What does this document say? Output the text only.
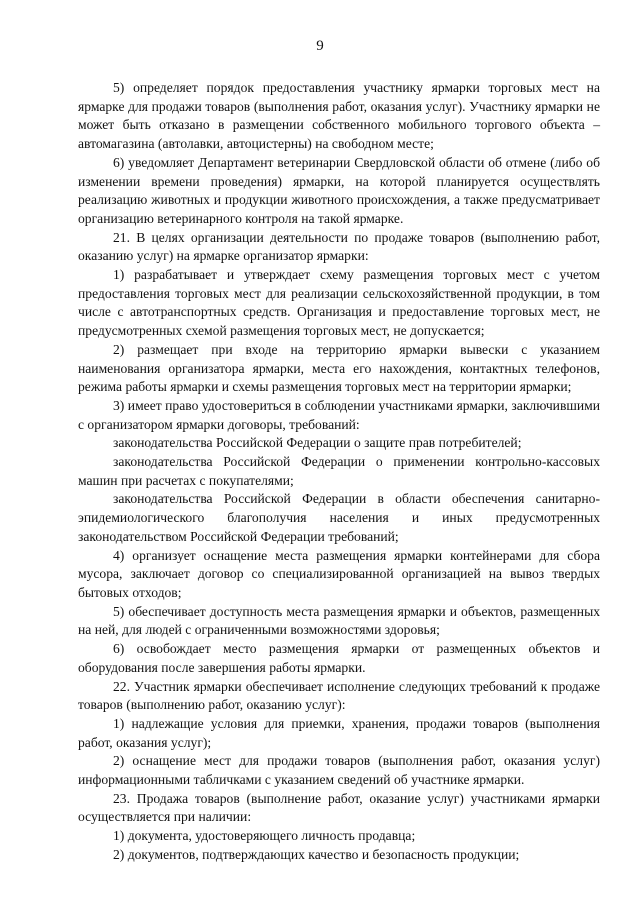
9

5) определяет порядок предоставления участнику ярмарки торговых мест на ярмарке для продажи товаров (выполнения работ, оказания услуг). Участнику ярмарки не может быть отказано в размещении собственного мобильного торгового объекта – автомагазина (автолавки, автоцистерны) на свободном месте;

6) уведомляет Департамент ветеринарии Свердловской области об отмене (либо об изменении времени проведения) ярмарки, на которой планируется осуществлять реализацию животных и продукции животного происхождения, а также предусматривает организацию ветеринарного контроля на такой ярмарке.

21. В целях организации деятельности по продаже товаров (выполнению работ, оказанию услуг) на ярмарке организатор ярмарки:

1) разрабатывает и утверждает схему размещения торговых мест с учетом предоставления торговых мест для реализации сельскохозяйственной продукции, в том числе с автотранспортных средств. Организация и предоставление торговых мест, не предусмотренных схемой размещения торговых мест, не допускается;

2) размещает при входе на территорию ярмарки вывески с указанием наименования организатора ярмарки, места его нахождения, контактных телефонов, режима работы ярмарки и схемы размещения торговых мест на территории ярмарки;

3) имеет право удостовериться в соблюдении участниками ярмарки, заключившими с организатором ярмарки договоры, требований:

законодательства Российской Федерации о защите прав потребителей;

законодательства Российской Федерации о применении контрольно-кассовых машин при расчетах с покупателями;

законодательства Российской Федерации в области обеспечения санитарно-эпидемиологического благополучия населения и иных предусмотренных законодательством Российской Федерации требований;

4) организует оснащение места размещения ярмарки контейнерами для сбора мусора, заключает договор со специализированной организацией на вывоз твердых бытовых отходов;

5) обеспечивает доступность места размещения ярмарки и объектов, размещенных на ней, для людей с ограниченными возможностями здоровья;

6) освобождает место размещения ярмарки от размещенных объектов и оборудования после завершения работы ярмарки.

22. Участник ярмарки обеспечивает исполнение следующих требований к продаже товаров (выполнению работ, оказанию услуг):

1) надлежащие условия для приемки, хранения, продажи товаров (выполнения работ, оказания услуг);

2) оснащение мест для продажи товаров (выполнения работ, оказания услуг) информационными табличками с указанием сведений об участнике ярмарки.

23. Продажа товаров (выполнение работ, оказание услуг) участниками ярмарки осуществляется при наличии:

1) документа, удостоверяющего личность продавца;

2) документов, подтверждающих качество и безопасность продукции;
